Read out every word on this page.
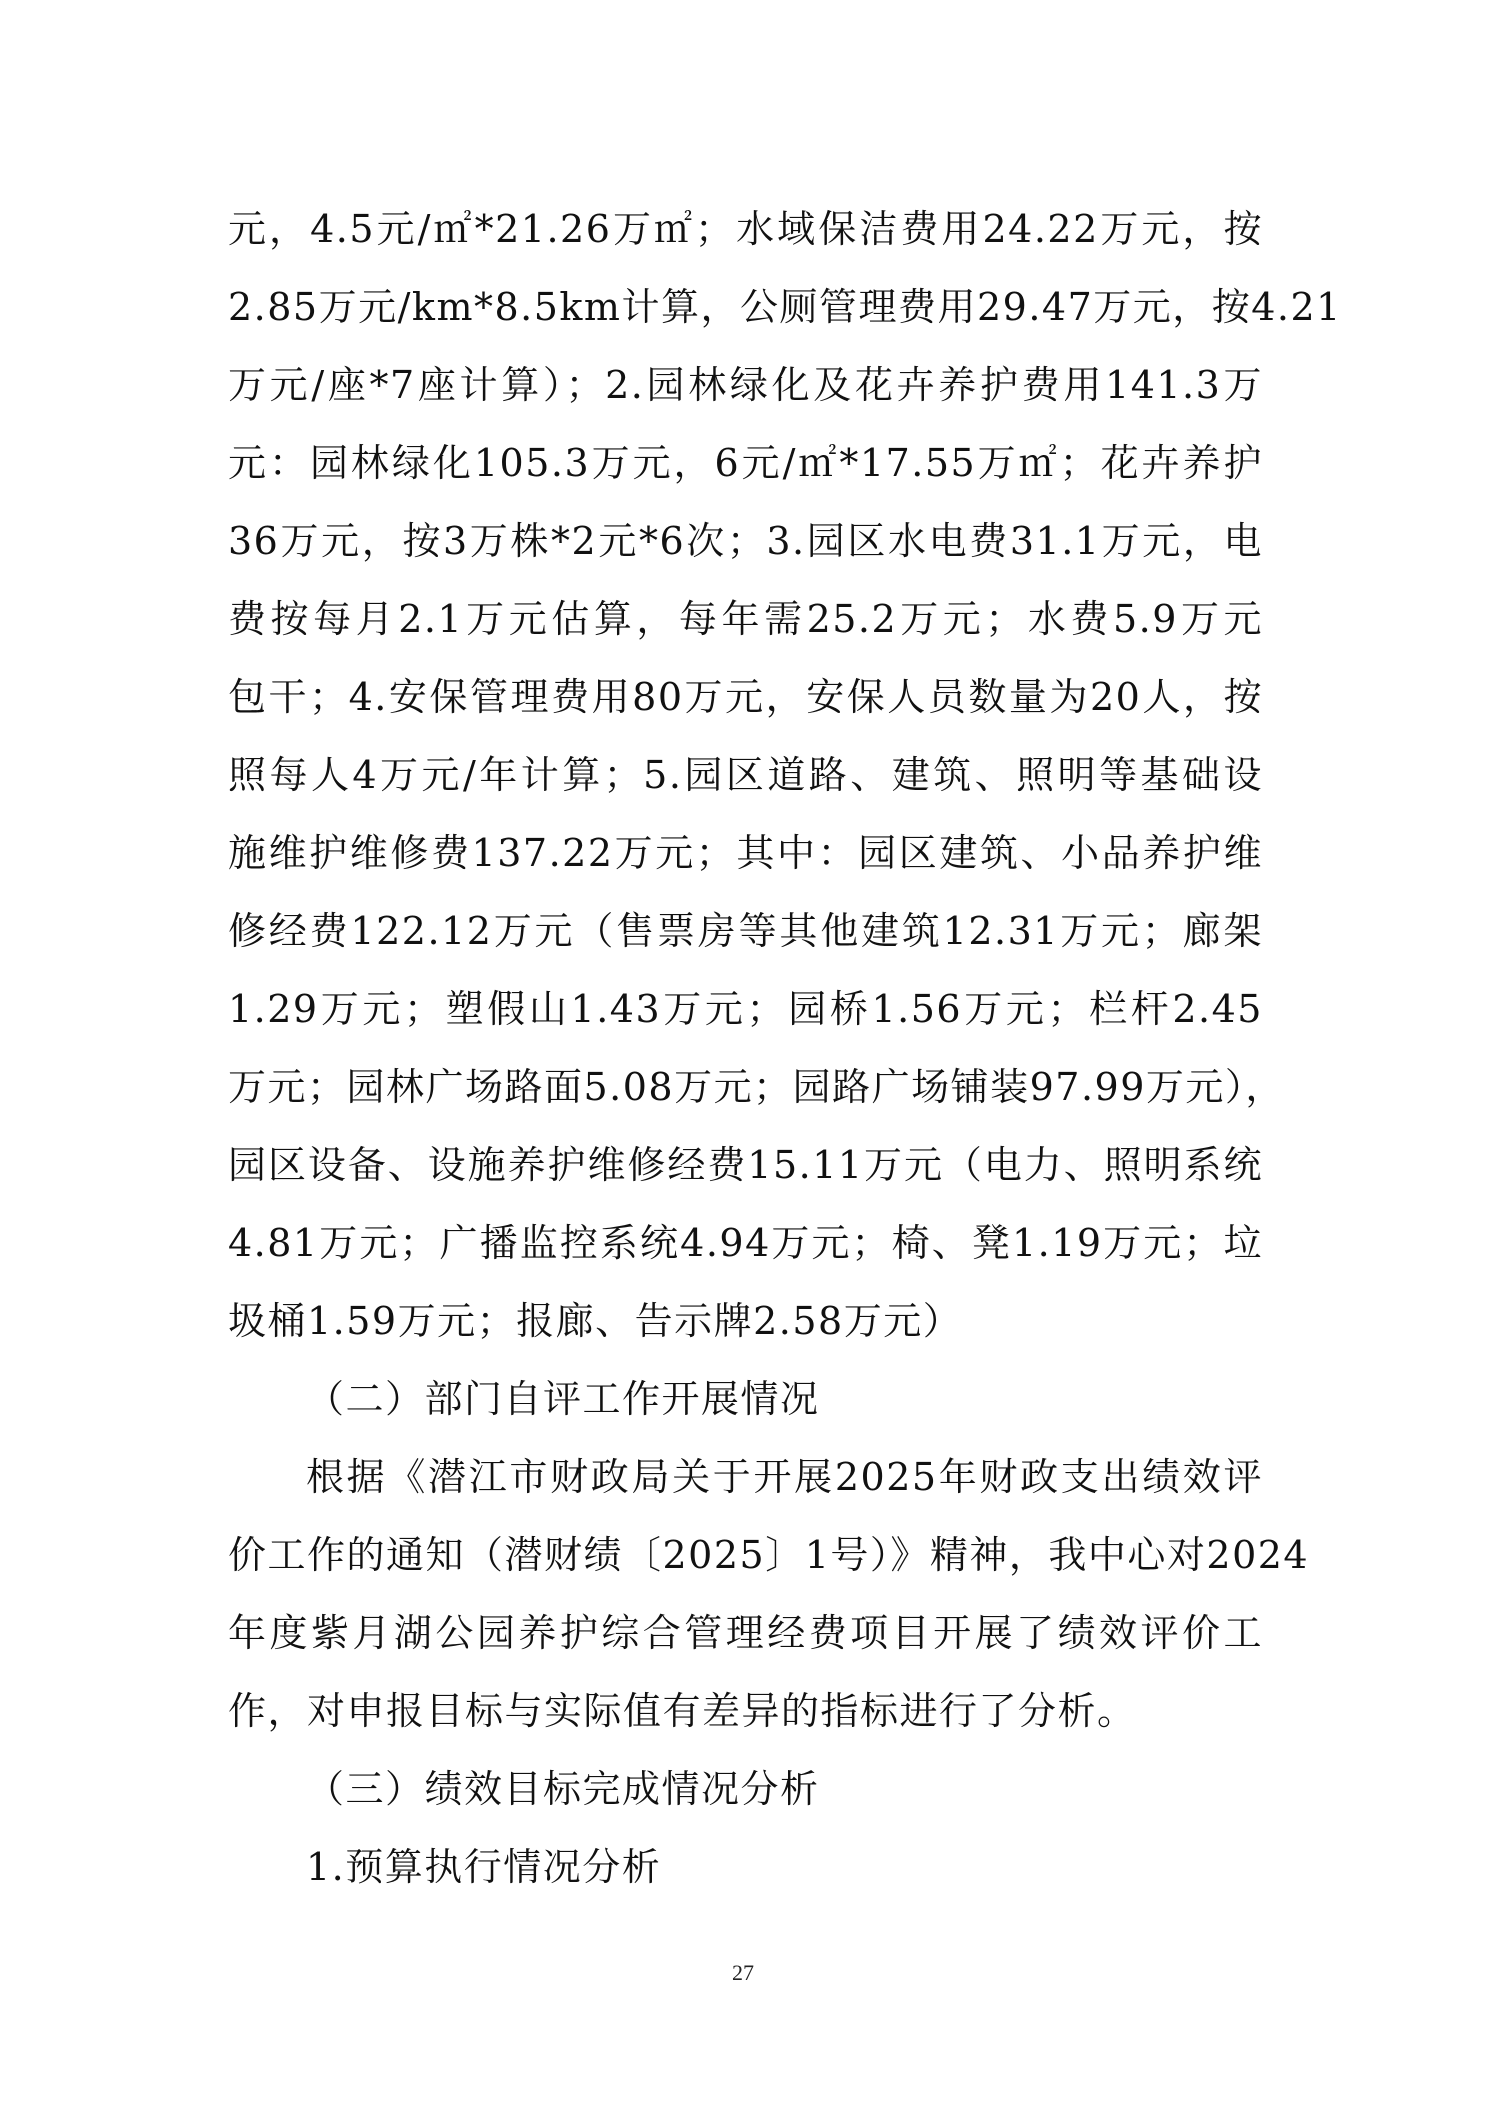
元，4.5元/㎡*21.26万㎡；水域保洁费用24.22万元，按
2.85万元/km*8.5km计算，公厕管理费用29.47万元，按4.21
万元/座*7座计算）；2.园林绿化及花卉养护费用141.3万
元：园林绿化105.3万元，6元/㎡*17.55万㎡；花卉养护
36万元，按3万株*2元*6次；3.园区水电费31.1万元，电
费按每月2.1万元估算，每年需25.2万元；水费5.9万元
包干；4.安保管理费用80万元，安保人员数量为20人，按
照每人4万元/年计算；5.园区道路、建筑、照明等基础设
施维护维修费137.22万元；其中：园区建筑、小品养护维
修经费122.12万元（售票房等其他建筑12.31万元；廊架
1.29万元；塑假山1.43万元；园桥1.56万元；栏杆2.45
万元；园林广场路面5.08万元；园路广场铺装97.99万元），
园区设备、设施养护维修经费15.11万元（电力、照明系统
4.81万元；广播监控系统4.94万元；椅、凳1.19万元；垃
圾桶1.59万元；报廊、告示牌2.58万元）
（二）部门自评工作开展情况
根据《潜江市财政局关于开展2025年财政支出绩效评
价工作的通知（潜财绩〔2025〕1号）》精神，我中心对2024
年度紫月湖公园养护综合管理经费项目开展了绩效评价工
作，对申报目标与实际值有差异的指标进行了分析。
（三）绩效目标完成情况分析
1.预算执行情况分析
27
